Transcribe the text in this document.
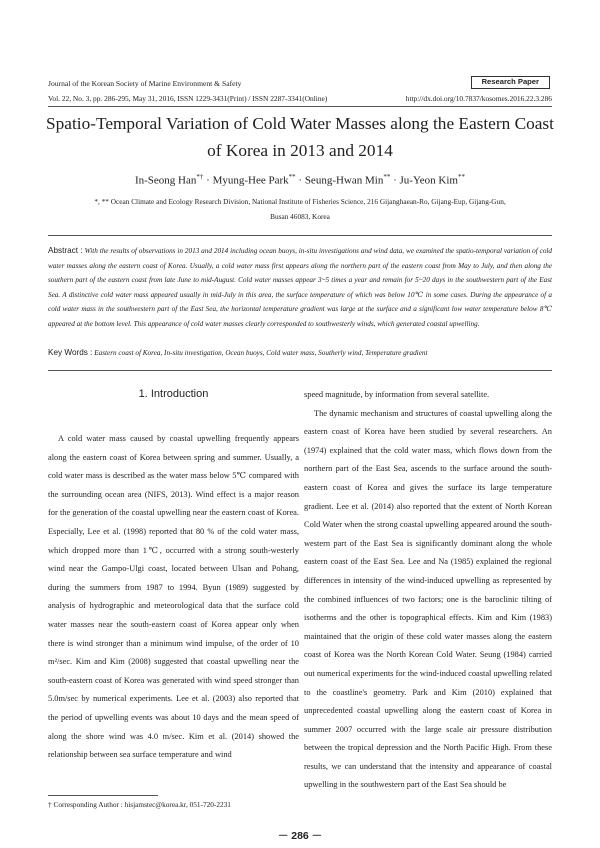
Journal of the Korean Society of Marine Environment & Safety	Research Paper
Vol. 22, No. 3, pp. 286-295, May 31, 2016, ISSN 1229-3431(Print) / ISSN 2287-3341(Online)	http://dx.doi.org/10.7837/kosomes.2016.22.3.286
Spatio-Temporal Variation of Cold Water Masses along the Eastern Coast of Korea in 2013 and 2014
In-Seong Han*† · Myung-Hee Park** · Seung-Hwan Min** · Ju-Yeon Kim**
*, ** Ocean Climate and Ecology Research Division, National Institute of Fisheries Science, 216 Gijanghaean-Ro, Gijang-Eup, Gijang-Gun,
Busan 46083, Korea
Abstract : With the results of observations in 2013 and 2014 including ocean buoys, in-situ investigations and wind data, we examined the spatio-temporal variation of cold water masses along the eastern coast of Korea. Usually, a cold water mass first appears along the northern part of the eastern coast from May to July, and then along the southern part of the eastern coast from late June to mid-August. Cold water masses appear 3~5 times a year and remain for 5~20 days in the southwestern part of the East Sea. A distinctive cold water mass appeared usually in mid-July in this area, the surface temperature of which was below 10℃ in some cases. During the appearance of a cold water mass in the southwestern part of the East Sea, the horizontal temperature gradient was large at the surface and a significant low water temperature below 8℃ appeared at the bottom level. This appearance of cold water masses clearly corresponded to southwesterly winds, which generated coastal upwelling.
Key Words : Eastern coast of Korea, In-situ investigation, Ocean buoys, Cold water mass, Southerly wind, Temperature gradient
1. Introduction

A cold water mass caused by coastal upwelling frequently appears along the eastern coast of Korea between spring and summer. Usually, a cold water mass is described as the water mass below 5℃ compared with the surrounding ocean area (NIFS, 2013). Wind effect is a major reason for the generation of the coastal upwelling near the eastern coast of Korea. Especially, Lee et al. (1998) reported that 80 % of the cold water mass, which dropped more than 1℃, occurred with a strong south-westerly wind near the Gampo-Ulgi coast, located between Ulsan and Pohang, during the summers from 1987 to 1994. Byun (1989) suggested by analysis of hydrographic and meteorological data that the surface cold water masses near the south-eastern coast of Korea appear only when there is wind stronger than a minimum wind impulse, of the order of 10 m²/sec. Kim and Kim (2008) suggested that coastal upwelling near the south-eastern coast of Korea was generated with wind speed stronger than 5.0m/sec by numerical experiments. Lee et al. (2003) also reported that the period of upwelling events was about 10 days and the mean speed of along the shore wind was 4.0 m/sec. Kim et al. (2014) showed the relationship between sea surface temperature and wind

speed magnitude, by information from several satellite.

The dynamic mechanism and structures of coastal upwelling along the eastern coast of Korea have been studied by several researchers. An (1974) explained that the cold water mass, which flows down from the northern part of the East Sea, ascends to the surface around the south-eastern coast of Korea and gives the surface its large temperature gradient. Lee et al. (2014) also reported that the extent of North Korean Cold Water when the strong coastal upwelling appeared around the south-western part of the East Sea is significantly dominant along the whole eastern coast of the East Sea. Lee and Na (1985) explained the regional differences in intensity of the wind-induced upwelling as represented by the combined influences of two factors; one is the baroclinic tilting of isotherms and the other is topographical effects. Kim and Kim (1983) maintained that the origin of these cold water masses along the eastern coast of Korea was the North Korean Cold Water. Seung (1984) carried out numerical experiments for the wind-induced coastal upwelling related to the coastline's geometry. Park and Kim (2010) explained that unprecedented coastal upwelling along the eastern coast of Korea in summer 2007 occurred with the large scale air pressure distribution between the tropical depression and the North Pacific High. From these results, we can understand that the intensity and appearance of coastal upwelling in the southwestern part of the East Sea should be

† Corresponding Author : hisjamstec@korea.kr, 051-720-2231
－ 286 －
